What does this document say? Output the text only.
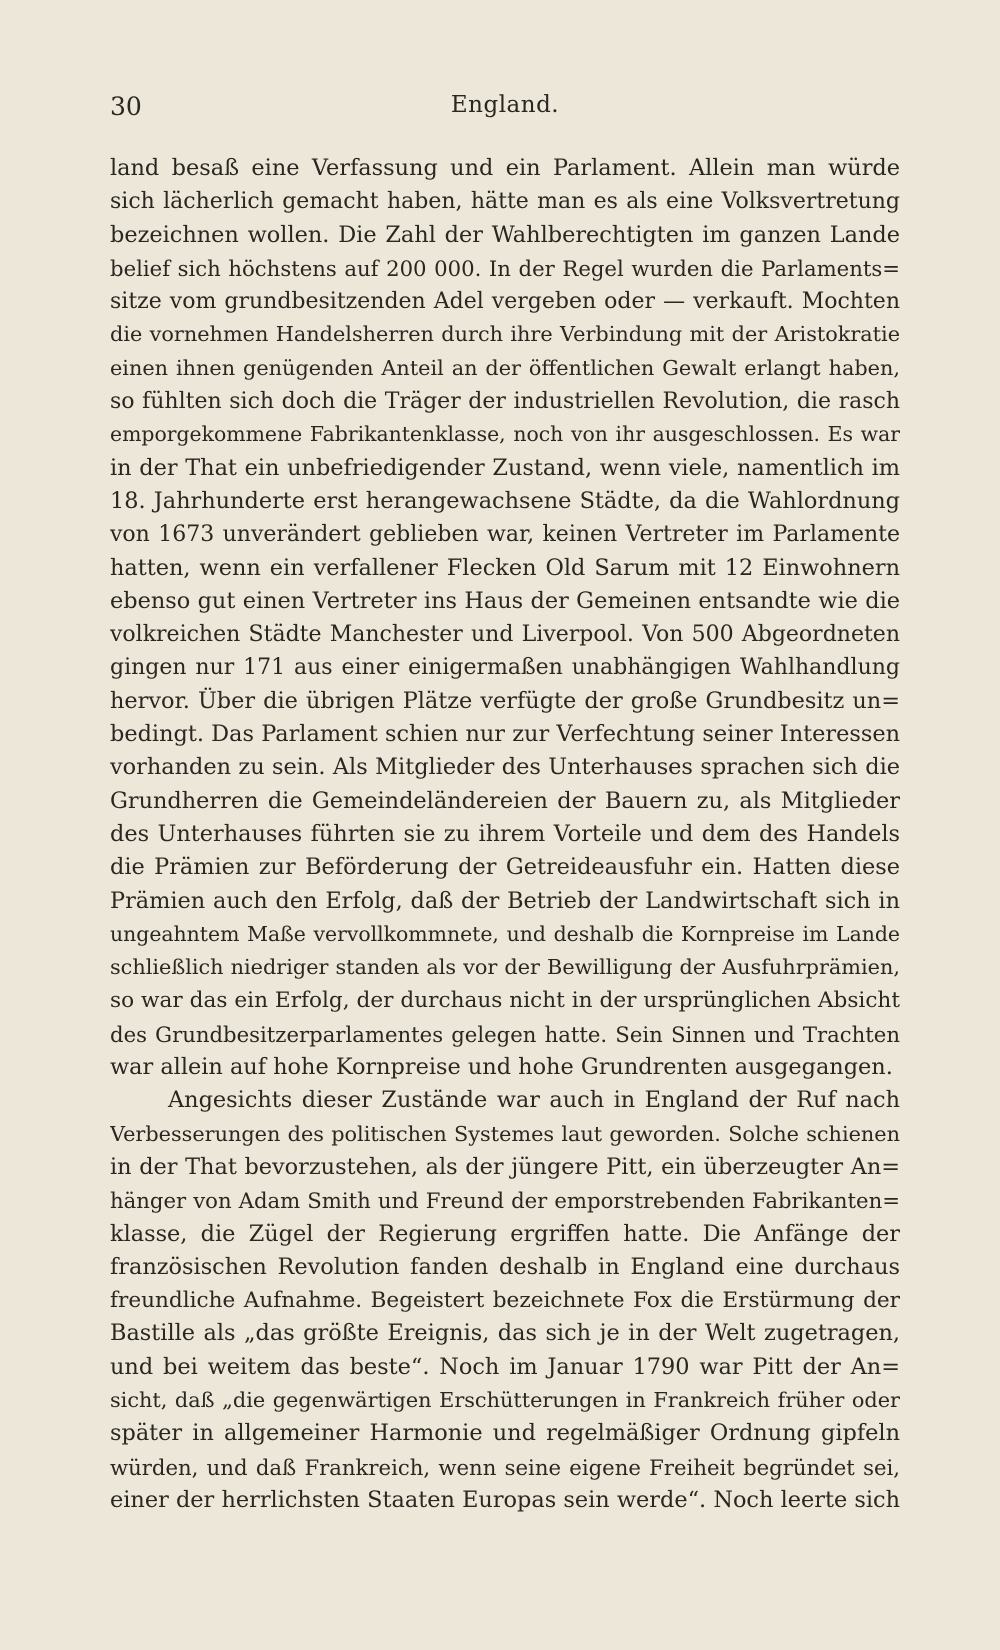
30	England.
land besaß eine Verfassung und ein Parlament. Allein man würde
sich lächerlich gemacht haben, hätte man es als eine Volksvertretung
bezeichnen wollen. Die Zahl der Wahlberechtigten im ganzen Lande
belief sich höchstens auf 200 000. In der Regel wurden die Parlaments=
sitze vom grundbesitzenden Adel vergeben oder — verkauft. Mochten
die vornehmen Handelsherren durch ihre Verbindung mit der Aristokratie
einen ihnen genügenden Anteil an der öffentlichen Gewalt erlangt haben,
so fühlten sich doch die Träger der industriellen Revolution, die rasch
emporgekommene Fabrikantenklasse, noch von ihr ausgeschlossen. Es war
in der That ein unbefriedigender Zustand, wenn viele, namentlich im
18. Jahrhunderte erst herangewachsene Städte, da die Wahlordnung
von 1673 unverändert geblieben war, keinen Vertreter im Parlamente
hatten, wenn ein verfallener Flecken Old Sarum mit 12 Einwohnern
ebenso gut einen Vertreter ins Haus der Gemeinen entsandte wie die
volkreichen Städte Manchester und Liverpool. Von 500 Abgeordneten
gingen nur 171 aus einer einigermaßen unabhängigen Wahlhandlung
hervor. Über die übrigen Plätze verfügte der große Grundbesitz un=
bedingt. Das Parlament schien nur zur Verfechtung seiner Interessen
vorhanden zu sein. Als Mitglieder des Unterhauses sprachen sich die
Grundherren die Gemeindeländereien der Bauern zu, als Mitglieder
des Unterhauses führten sie zu ihrem Vorteile und dem des Handels
die Prämien zur Beförderung der Getreideausfuhr ein. Hatten diese
Prämien auch den Erfolg, daß der Betrieb der Landwirtschaft sich in
ungeahntem Maße vervollkommnete, und deshalb die Kornpreise im Lande
schließlich niedriger standen als vor der Bewilligung der Ausfuhrprämien,
so war das ein Erfolg, der durchaus nicht in der ursprünglichen Absicht
des Grundbesitzerparlamentes gelegen hatte. Sein Sinnen und Trachten
war allein auf hohe Kornpreise und hohe Grundrenten ausgegangen.
Angesichts dieser Zustände war auch in England der Ruf nach
Verbesserungen des politischen Systemes laut geworden. Solche schienen
in der That bevorzustehen, als der jüngere Pitt, ein überzeugter An=
hänger von Adam Smith und Freund der emporstrebenden Fabrikanten=
klasse, die Zügel der Regierung ergriffen hatte. Die Anfänge der
französischen Revolution fanden deshalb in England eine durchaus
freundliche Aufnahme. Begeistert bezeichnete Fox die Erstürmung der
Bastille als „das größte Ereignis, das sich je in der Welt zugetragen,
und bei weitem das beste“. Noch im Januar 1790 war Pitt der An=
sicht, daß „die gegenwärtigen Erschütterungen in Frankreich früher oder
später in allgemeiner Harmonie und regelmäßiger Ordnung gipfeln
würden, und daß Frankreich, wenn seine eigene Freiheit begründet sei,
einer der herrlichsten Staaten Europas sein werde“. Noch leerte sich
